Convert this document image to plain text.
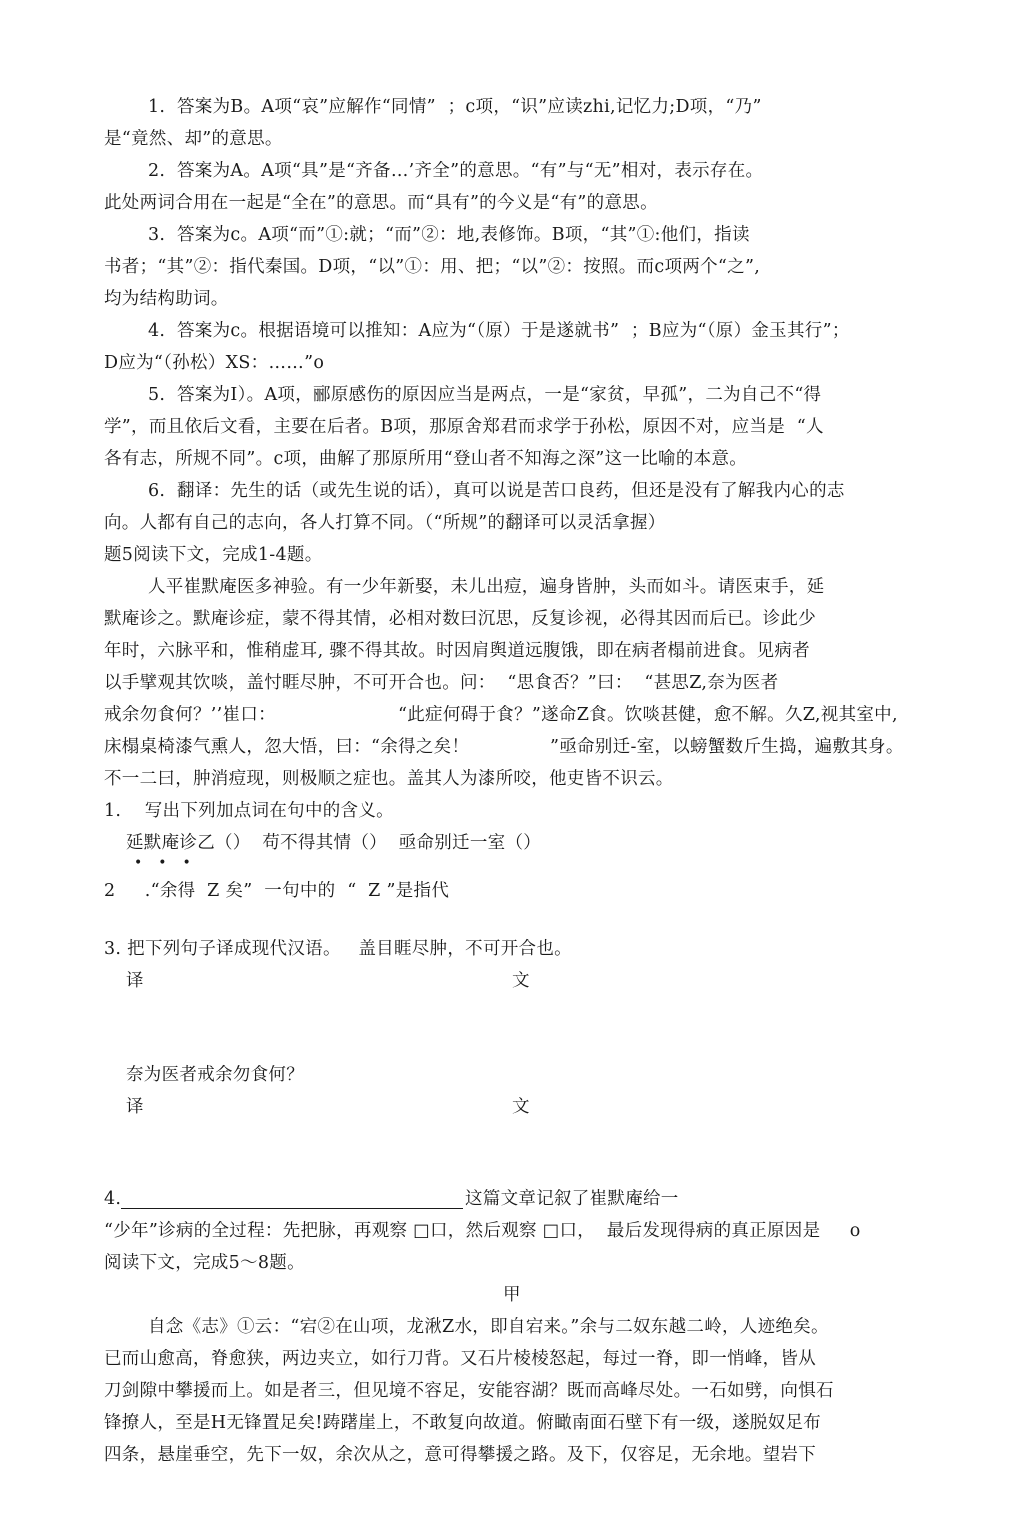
1.  答案为B。A项“哀”应解作“同情”  ；c项，“识”应读zhi,记忆力;D项，“乃”
是“竟然、却”的意思。
2.  答案为A。A项“具”是“齐备…’齐全”的意思。“有”与“无”相对，表示存在。
此处两词合用在一起是“全在”的意思。而“具有”的今义是“有”的意思。
3.  答案为c。A项“而”①:就；“而”②：地,表修饰。B项，“其”①:他们，指读
书者；“其”②：指代秦国。D项，“以”①：用、把；“以”②：按照。而c项两个“之”,
均为结构助词。
4.  答案为c。根据语境可以推知：A应为“（原）于是遂就书”  ；B应为“（原）金玉其行”；
D应为“（孙松）XS：……”o
5.  答案为I）。A项，郦原感伤的原因应当是两点，一是“家贫，早孤”，二为自己不“得
学”，而且依后文看，主要在后者。B项，那原舍郑君而求学于孙松，原因不对，应当是  “人
各有志，所规不同”。c项，曲解了那原所用“登山者不知海之深”这一比喻的本意。
6.  翻译：先生的话（或先生说的话），真可以说是苦口良药，但还是没有了解我内心的志
向。人都有自己的志向，各人打算不同。（“所规”的翻译可以灵活拿握）
题5阅读下文，完成1-4题。
人平崔默庵医多神验。有一少年新娶，未儿出痘，遍身皆肿，头而如斗。请医束手，延
默庵诊之。默庵诊症，蒙不得其情，必相对数曰沉思，反复诊视，必得其因而后已。诊此少
年时，六脉平和，惟稍虚耳, 骤不得其故。时因肩舆道远腹饿，即在病者榻前进食。见病者
以手擘观其饮啖，盖忖睚尽肿，不可开合也。问：  “思食否？”曰：  “甚思Z,奈为医者
戒余勿食何？’’崔口：	“此症何碍于食？”遂命Z食。饮啖甚健，愈不解。久Z,视其室中,
床榻桌椅漆气熏人，忽大悟，曰：“余得之矣！	”亟命别迁-室，以螃蟹数斤生捣，遍敷其身。
不一二曰，肿消痘现，则极顺之症也。盖其人为漆所咬，他吏皆不识云。
1.    写出下列加点词在句中的含义。
延默庵诊乙（）  苟不得其情（）  亟命别迁一室（）
•••
2     .“余得  Z 矣”  一句中的  “  Z ”是指代
3. 把下列句子译成现代汉语。   盖目睚尽肿，不可开合也。
译	文
奈为医者戒余勿食何？
译	文
4.	这篇文章记叙了崔默庵给一
“少年”诊病的全过程：先把脉，再观察 □口，然后观察 □口，  最后发现得病的真正原因是     o
阅读下文，完成5〜8题。
甲
自念《志》①云：“宕②在山项，龙湫Z水，即自宕来。”余与二奴东越二岭，人迹绝矣。
已而山愈高，脊愈狭，两边夹立，如行刀背。又石片棱棱怒起，每过一脊，即一悄峰，皆从
刀剑隙中攀援而上。如是者三，但见境不容足，安能容湖？既而高峰尽处。一石如劈，向惧石
锋撩人，至是H无锋置足矣!踌躇崖上，不敢复向故道。俯瞰南面石壁下有一级，遂脱奴足布
四条，悬崖垂空，先下一奴，余次从之，意可得攀援之路。及下，仅容足，无余地。望岩下
